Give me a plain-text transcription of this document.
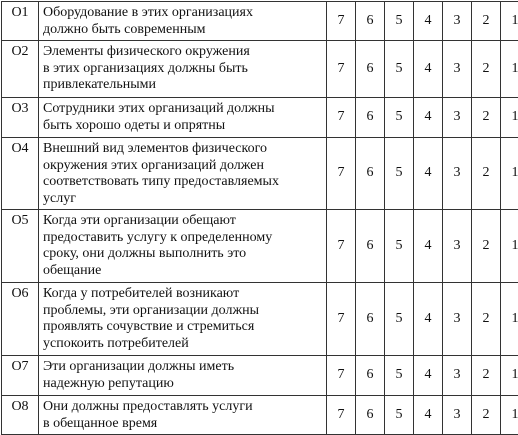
О1	Оборудование в этих организациях
должно быть современным	7	6	5	4	3	2	1
О2	Элементы физического окружения
в этих организациях должны быть
привлекательными	7	6	5	4	3	2	1
О3	Сотрудники этих организаций должны
быть хорошо одеты и опрятны	7	6	5	4	3	2	1
О4	Внешний вид элементов физического
окружения этих организаций должен
соответствовать типу предоставляемых
услуг	7	6	5	4	3	2	1
О5	Когда эти организации обещают
предоставить услугу к определенному
сроку, они должны выполнить это
обещание	7	6	5	4	3	2	1
О6	Когда у потребителей возникают
проблемы, эти организации должны
проявлять сочувствие и стремиться
успокоить потребителей	7	6	5	4	3	2	1
О7	Эти организации должны иметь
надежную репутацию	7	6	5	4	3	2	1
О8	Они должны предоставлять услуги
в обещанное время	7	6	5	4	3	2	1
